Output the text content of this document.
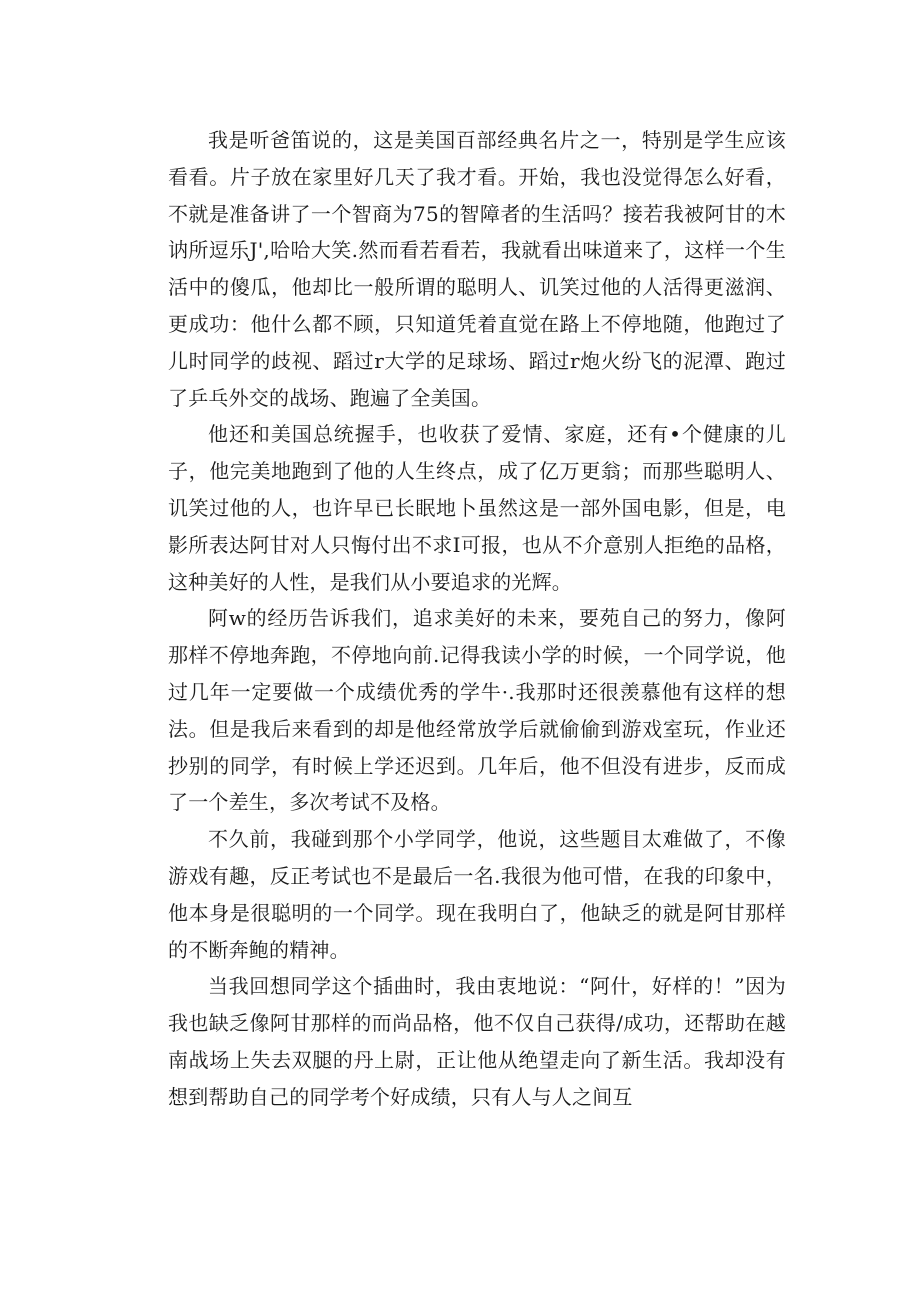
我是听爸笛说的，这是美国百部经典名片之一，特别是学生应该看看。片子放在家里好几天了我才看。开始，我也没觉得怎么好看，不就是准备讲了一个智商为75的智障者的生活吗？接若我被阿甘的木讷所逗乐J',哈哈大笑.然而看若看若，我就看出味道来了，这样一个生活中的傻瓜，他却比一般所谓的聪明人、讥笑过他的人活得更滋润、更成功：他什么都不顾，只知道凭着直觉在路上不停地随，他跑过了儿时同学的歧视、蹈过r大学的足球场、蹈过r炮火纷飞的泥潭、跑过了乒乓外交的战场、跑遍了全美国。

他还和美国总统握手，也收获了爱情、家庭，还有•个健康的儿子，他完美地跑到了他的人生终点，成了亿万更翁；而那些聪明人、讥笑过他的人，也许早已长眠地卜虽然这是一部外国电影，但是，电影所表达阿甘对人只悔付出不求I可报，也从不介意别人拒绝的品格，这种美好的人性，是我们从小要追求的光辉。

阿w的经历告诉我们，追求美好的未来，要苑自己的努力，像阿那样不停地奔跑，不停地向前.记得我读小学的时候，一个同学说，他过几年一定要做一个成绩优秀的学牛·.我那时还很羡慕他有这样的想法。但是我后来看到的却是他经常放学后就偷偷到游戏室玩，作业还抄别的同学，有时候上学还迟到。几年后，他不但没有进步，反而成了一个差生，多次考试不及格。

不久前，我碰到那个小学同学，他说，这些题目太难做了，不像游戏有趣，反正考试也不是最后一名.我很为他可惜，在我的印象中，他本身是很聪明的一个同学。现在我明白了，他缺乏的就是阿甘那样的不断奔鲍的精神。

当我回想同学这个插曲时，我由衷地说：“阿什，好样的！”因为我也缺乏像阿甘那样的而尚品格，他不仅自己获得/成功，还帮助在越南战场上失去双腿的丹上尉，正让他从绝望走向了新生活。我却没有想到帮助自己的同学考个好成绩，只有人与人之间互
